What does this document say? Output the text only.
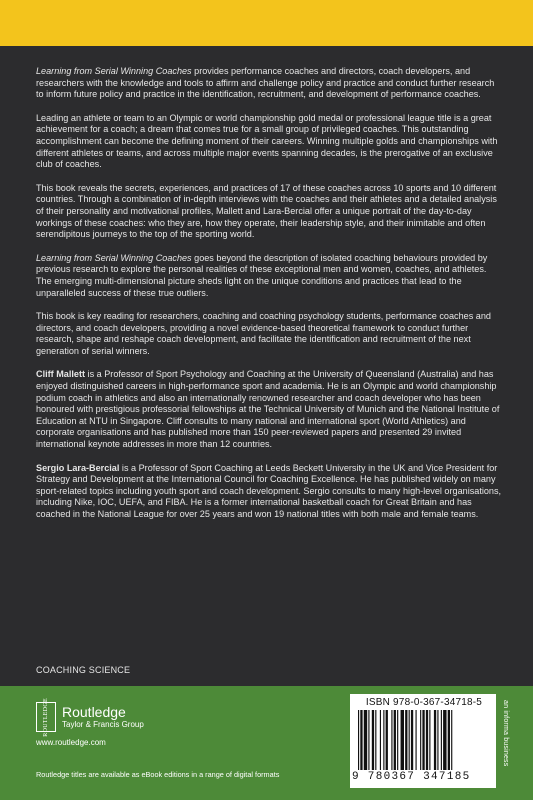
Learning from Serial Winning Coaches provides performance coaches and directors, coach developers, and researchers with the knowledge and tools to affirm and challenge policy and practice and conduct further research to inform future policy and practice in the identification, recruitment, and development of performance coaches.

Leading an athlete or team to an Olympic or world championship gold medal or professional league title is a great achievement for a coach; a dream that comes true for a small group of privileged coaches. This outstanding accomplishment can become the defining moment of their careers. Winning multiple golds and championships with different athletes or teams, and across multiple major events spanning decades, is the prerogative of an exclusive club of coaches.

This book reveals the secrets, experiences, and practices of 17 of these coaches across 10 sports and 10 different countries. Through a combination of in-depth interviews with the coaches and their athletes and a detailed analysis of their personality and motivational profiles, Mallett and Lara-Bercial offer a unique portrait of the day-to-day workings of these coaches: who they are, how they operate, their leadership style, and their inimitable and often serendipitous journeys to the top of the sporting world.

Learning from Serial Winning Coaches goes beyond the description of isolated coaching behaviours provided by previous research to explore the personal realities of these exceptional men and women, coaches, and athletes. The emerging multi-dimensional picture sheds light on the unique conditions and practices that lead to the unparalleled success of these true outliers.

This book is key reading for researchers, coaching and coaching psychology students, performance coaches and directors, and coach developers, providing a novel evidence-based theoretical framework to conduct further research, shape and reshape coach development, and facilitate the identification and recruitment of the next generation of serial winners.

Cliff Mallett is a Professor of Sport Psychology and Coaching at the University of Queensland (Australia) and has enjoyed distinguished careers in high-performance sport and academia. He is an Olympic and world championship podium coach in athletics and also an internationally renowned researcher and coach developer who has been honoured with prestigious professorial fellowships at the Technical University of Munich and the National Institute of Education at NTU in Singapore. Cliff consults to many national and international sport (World Athletics) and corporate organisations and has published more than 150 peer-reviewed papers and presented 29 invited international keynote addresses in more than 12 countries.

Sergio Lara-Bercial is a Professor of Sport Coaching at Leeds Beckett University in the UK and Vice President for Strategy and Development at the International Council for Coaching Excellence. He has published widely on many sport-related topics including youth sport and coach development. Sergio consults to many high-level organisations, including Nike, IOC, UEFA, and FIBA. He is a former international basketball coach for Great Britain and has coached in the National League for over 25 years and won 19 national titles with both male and female teams.

COACHING SCIENCE
ROUTLEDGE Routledge
Taylor & Francis Group
www.routledge.com
Routledge titles are available as eBook editions in a range of digital formats
ISBN 978-0-367-34718-5
9 780367 347185
an informa business
